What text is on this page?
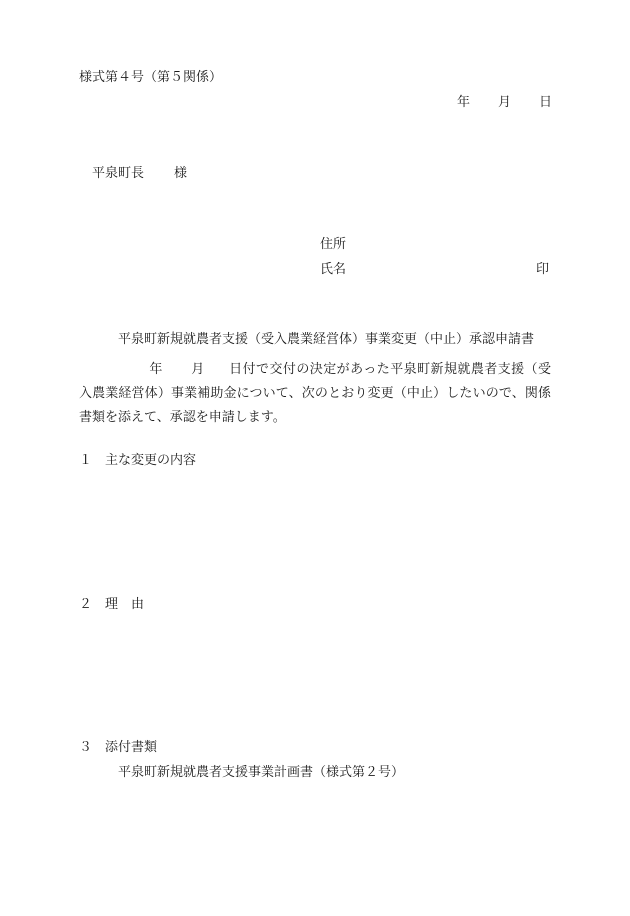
様式第４号（第５関係）
年 月 日
平泉町長 様
住所
氏名	印
平泉町新規就農者支援（受入農業経営体）事業変更（中止）承認申請書
年 月 日付で交付の決定があった平泉町新規就農者支援（受入農業経営体）事業補助金について、次のとおり変更（中止）したいので、関係書類を添えて、承認を申請します。
１ 主な変更の内容
２ 理　由
３ 添付書類
平泉町新規就農者支援事業計画書（様式第２号）
